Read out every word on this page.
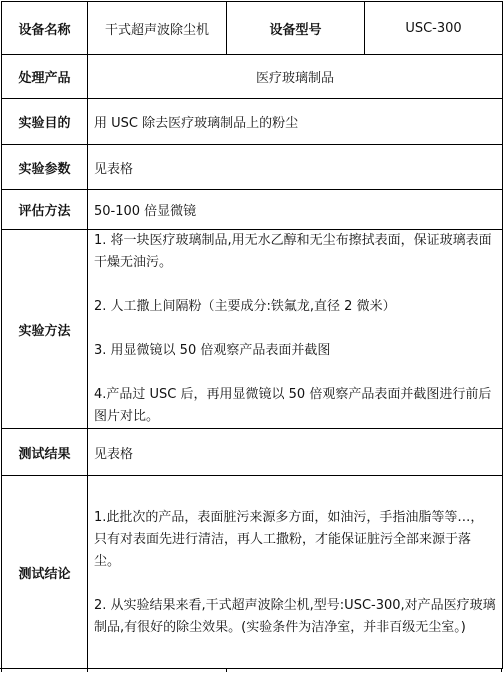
设备名称	干式超声波除尘机	设备型号	USC-300
处理产品	医疗玻璃制品		
实验目的	用 USC 除去医疗玻璃制品上的粉尘		
实验参数	见表格		
评估方法	50-100 倍显微镜		
实验方法	1. 将一块医疗玻璃制品,用无水乙醇和无尘布擦拭表面，保证玻璃表面干燥无油污。
2. 人工撒上间隔粉（主要成分:铁氟龙,直径 2 微米）
3. 用显微镜以 50 倍观察产品表面并截图
4.产品过 USC 后，再用显微镜以 50 倍观察产品表面并截图进行前后图片对比。		

测试结果	见表格		
测试结论	1.此批次的产品，表面脏污来源多方面，如油污，手指油脂等等…，只有对表面先进行清洁，再人工撒粉，才能保证脏污全部来源于落尘。
2. 从实验结果来看,干式超声波除尘机,型号:USC-300,对产品医疗玻璃制品,有很好的除尘效果。(实验条件为洁净室，并非百级无尘室。)		
